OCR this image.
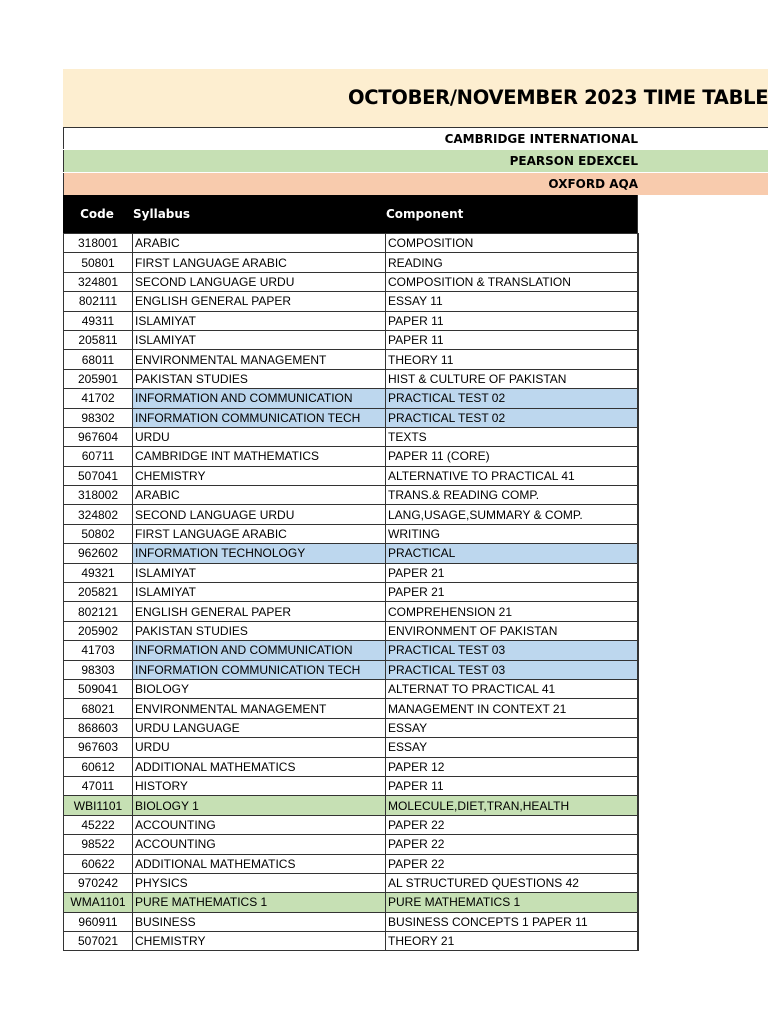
OCTOBER/NOVEMBER 2023 TIME TABLE
CAMBRIDGE INTERNATIONAL
PEARSON EDEXCEL
OXFORD AQA
Code	Syllabus	Component
318001	ARABIC	COMPOSITION
50801	FIRST LANGUAGE ARABIC	READING
324801	SECOND LANGUAGE URDU	COMPOSITION & TRANSLATION
802111	ENGLISH GENERAL PAPER	ESSAY 11
49311	ISLAMIYAT	PAPER 11
205811	ISLAMIYAT	PAPER 11
68011	ENVIRONMENTAL MANAGEMENT	THEORY 11
205901	PAKISTAN STUDIES	HIST & CULTURE OF PAKISTAN
41702	INFORMATION AND COMMUNICATION	PRACTICAL TEST 02
98302	INFORMATION COMMUNICATION TECH	PRACTICAL TEST 02
967604	URDU	TEXTS
60711	CAMBRIDGE INT MATHEMATICS	PAPER 11 (CORE)
507041	CHEMISTRY	ALTERNATIVE TO PRACTICAL 41
318002	ARABIC	TRANS.& READING COMP.
324802	SECOND LANGUAGE URDU	LANG,USAGE,SUMMARY & COMP.
50802	FIRST LANGUAGE ARABIC	WRITING
962602	INFORMATION TECHNOLOGY	PRACTICAL
49321	ISLAMIYAT	PAPER 21
205821	ISLAMIYAT	PAPER 21
802121	ENGLISH GENERAL PAPER	COMPREHENSION 21
205902	PAKISTAN STUDIES	ENVIRONMENT OF PAKISTAN
41703	INFORMATION AND COMMUNICATION	PRACTICAL TEST 03
98303	INFORMATION COMMUNICATION TECH	PRACTICAL TEST 03
509041	BIOLOGY	ALTERNAT TO PRACTICAL 41
68021	ENVIRONMENTAL MANAGEMENT	MANAGEMENT IN CONTEXT 21
868603	URDU LANGUAGE	ESSAY
967603	URDU	ESSAY
60612	ADDITIONAL MATHEMATICS	PAPER 12
47011	HISTORY	PAPER 11
WBI1101	BIOLOGY 1	MOLECULE,DIET,TRAN,HEALTH
45222	ACCOUNTING	PAPER 22
98522	ACCOUNTING	PAPER 22
60622	ADDITIONAL MATHEMATICS	PAPER 22
970242	PHYSICS	AL STRUCTURED QUESTIONS 42
WMA1101	PURE MATHEMATICS 1	PURE MATHEMATICS 1
960911	BUSINESS	BUSINESS CONCEPTS 1 PAPER 11
507021	CHEMISTRY	THEORY 21
